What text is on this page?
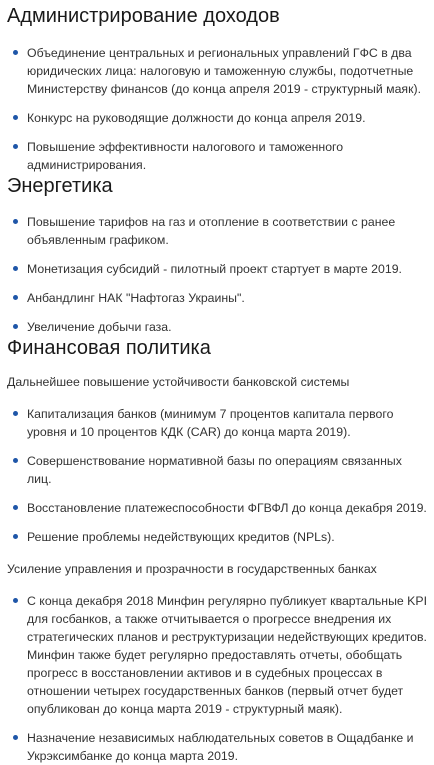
Администрирование доходов
Объединение центральных и региональных управлений ГФС в два юридических лица: налоговую и таможенную службы, подотчетные Министерству финансов (до конца апреля 2019 - структурный маяк).
Конкурс на руководящие должности до конца апреля 2019.
Повышение эффективности налогового и таможенного администрирования.
Энергетика
Повышение тарифов на газ и отопление в соответствии с ранее объявленным графиком.
Монетизация субсидий - пилотный проект стартует в марте 2019.
Анбандлинг НАК "Нафтогаз Украины".
Увеличение добычи газа.
Финансовая политика

Дальнейшее повышение устойчивости банковской системы

Капитализация банков (минимум 7 процентов капитала первого уровня и 10 процентов КДК (CAR) до конца марта 2019).
Совершенствование нормативной базы по операциям связанных лиц.
Восстановление платежеспособности ФГВФЛ до конца декабря 2019.
Решение проблемы недействующих кредитов (NPLs).

Усиление управления и прозрачности в государственных банках

С конца декабря 2018 Минфин регулярно публикует квартальные KPI для госбанков, а также отчитывается о прогрессе внедрения их стратегических планов и реструктуризации недействующих кредитов. Минфин также будет регулярно предоставлять отчеты, обобщать прогресс в восстановлении активов и в судебных процессах в отношении четырех государственных банков (первый отчет будет опубликован до конца марта 2019 - структурный маяк).
Назначение независимых наблюдательных советов в Ощадбанке и Укрэксимбанке до конца марта 2019.
